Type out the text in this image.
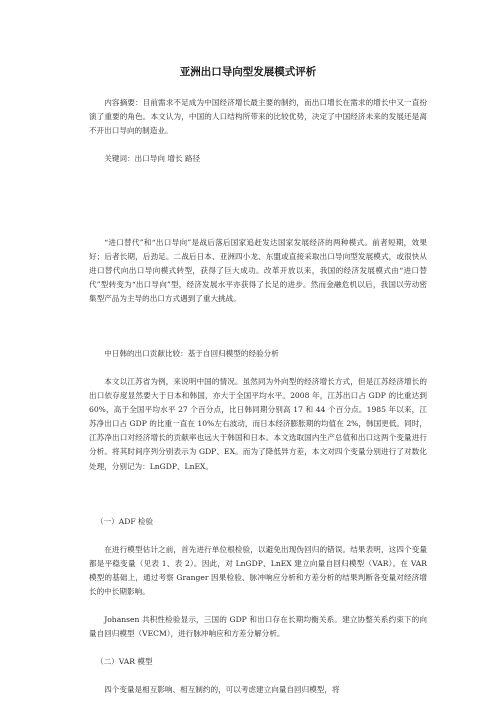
亚洲出口导向型发展模式评析

内容摘要：目前需求不足成为中国经济增长最主要的制约，而出口增长在需求的增长中又一直扮演了重要的角色。本文认为，中国的人口结构所带来的比较优势，决定了中国经济未来的发展还是离不开出口导向的制造业。

关键词：出口导向 增长 路径

“进口替代”和“出口导向”是战后落后国家追赶发达国家发展经济的两种模式。前者短期，效果好；后者长期，后劲足。二战后日本、亚洲四小龙、东盟或直接采取出口导向型发展模式，或很快从进口替代向出口导向模式转型，获得了巨大成功。改革开放以来，我国的经济发展模式由“进口替代”型转变为“出口导向”型，经济发展水平亦获得了长足的进步。然而金融危机以后，我国以劳动密集型产品为主导的出口方式遇到了重大挑战。

中日韩的出口贡献比较：基于自回归模型的经验分析

本文以江苏省为例，来说明中国的情况。虽然同为外向型的经济增长方式，但是江苏经济增长的出口依存度显然要大于日本和韩国，亦大于全国平均水平。2008 年，江苏出口占 GDP 的比重达到 60%，高于全国平均水平 27 个百分点，比日韩同期分别高 17 和 44 个百分点。1985 年以来，江苏净出口占 GDP 的比重一直在 10%左右波动，而日本经济膨胀期的均值在 2%，韩国更低。同时，江苏净出口对经济增长的贡献率也远大于韩国和日本。本文选取国内生产总值和出口这两个变量进行分析。将其时间序列分别表示为 GDP、EX。而为了降低异方差，本文对四个变量分别进行了对数化处理，分别记为：LnGDP、LnEX。

（一）ADF 检验

在进行模型估计之前，首先进行单位根检验，以避免出现伪回归的错误。结果表明，这四个变量都是平稳变量（见表 1、表 2）。因此，对 LnGDP、LnEX 建立向量自回归模型（VAR）。在 VAR 模型的基础上，通过考察 Granger 因果检验、脉冲响应分析和方差分析的结果判断各变量对经济增长的中长期影响。

Johansen 共积性检验显示，三国的 GDP 和出口存在长期均衡关系。建立协整关系约束下的向量自回归模型（VECM），进行脉冲响应和方差分解分析。

（二）VAR 模型

四个变量是相互影响、相互制约的，可以考虑建立向量自回归模型，将
